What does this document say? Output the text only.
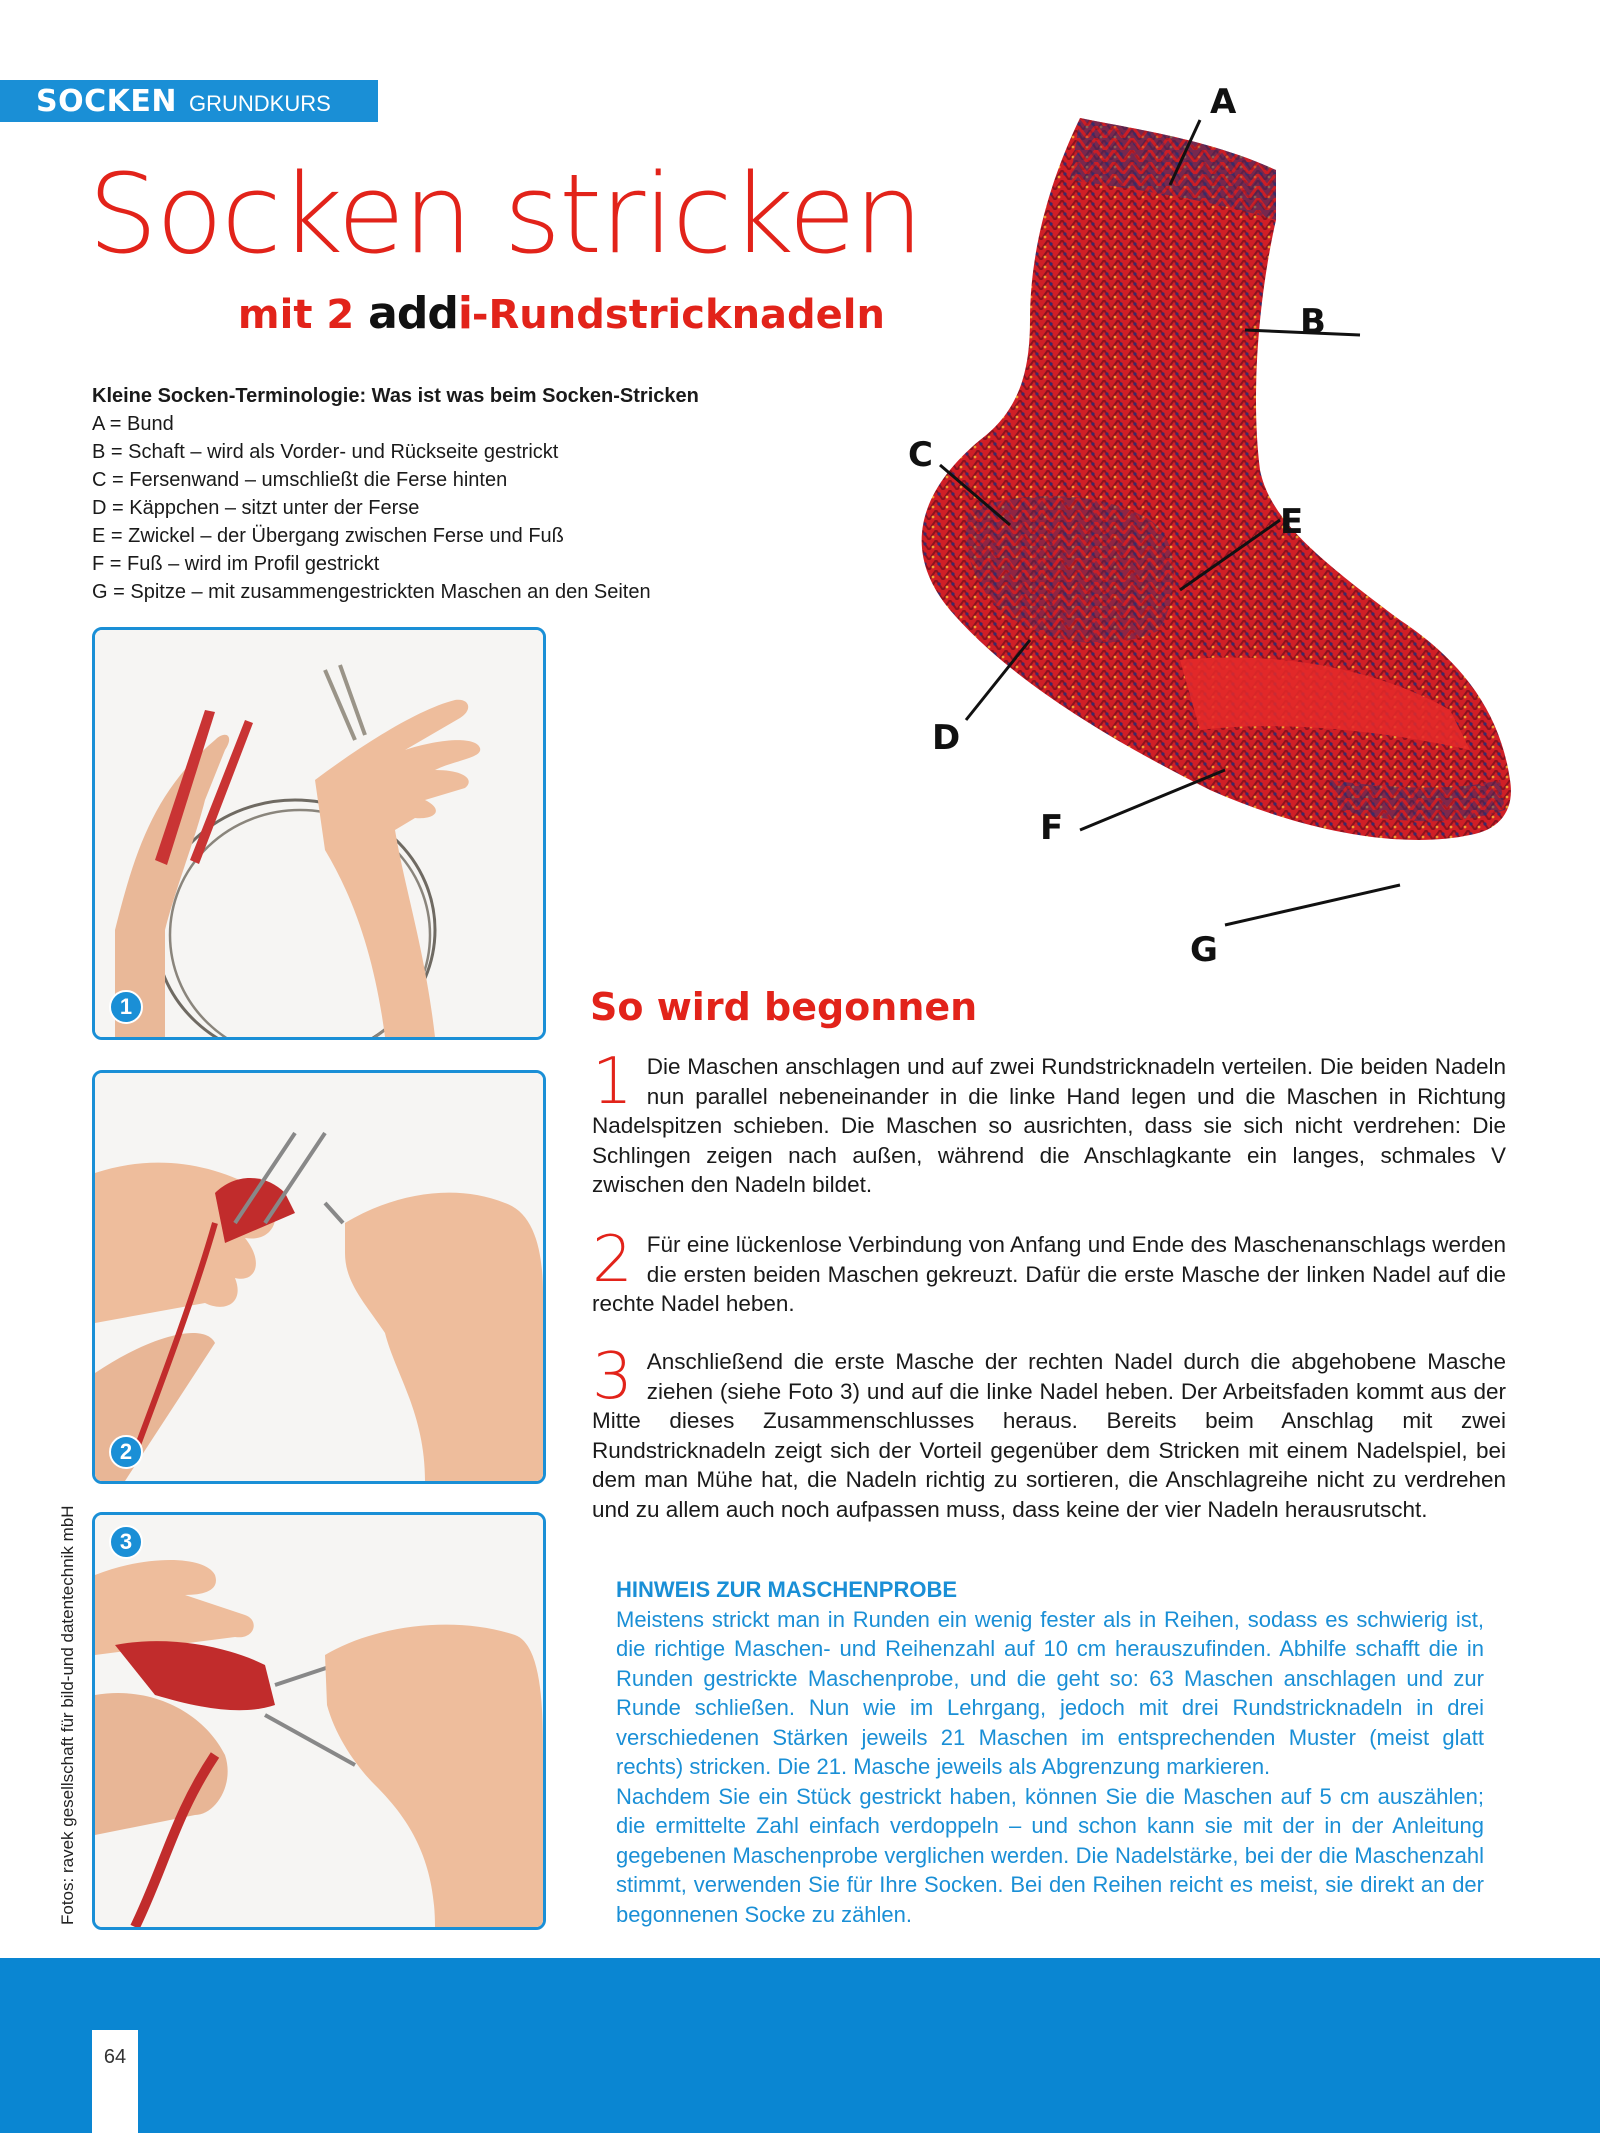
SOCKEN GRUNDKURS
Socken stricken
mit 2 addi-Rundstricknadeln
Kleine Socken-Terminologie: Was ist was beim Socken-Stricken
A = Bund
B = Schaft – wird als Vorder- und Rückseite gestrickt
C = Fersenwand – umschließt die Ferse hinten
D = Käppchen – sitzt unter der Ferse
E = Zwickel – der Übergang zwischen Ferse und Fuß
F = Fuß – wird im Profil gestrickt
G = Spitze – mit zusammengestrickten Maschen an den Seiten
1
2
3
Fotos: ravek gesellschaft für bild-und datentechnik mbH
A
B
C
E
D
F
G
So wird begonnen
1 Die Maschen anschlagen und auf zwei Rundstricknadeln verteilen. Die beiden Nadeln nun parallel nebeneinander in die linke Hand legen und die Maschen in Richtung Nadelspitzen schieben. Die Maschen so ausrichten, dass sie sich nicht verdrehen: Die Schlingen zeigen nach außen, während die Anschlagkante ein langes, schmales V zwischen den Nadeln bildet.
2 Für eine lückenlose Verbindung von Anfang und Ende des Maschenanschlags werden die ersten beiden Maschen gekreuzt. Dafür die erste Masche der linken Nadel auf die rechte Nadel heben.
3 Anschließend die erste Masche der rechten Nadel durch die abgehobene Masche ziehen (siehe Foto 3) und auf die linke Nadel heben. Der Arbeitsfaden kommt aus der Mitte dieses Zusammenschlusses heraus. Bereits beim Anschlag mit zwei Rundstricknadeln zeigt sich der Vorteil gegenüber dem Stricken mit einem Nadelspiel, bei dem man Mühe hat, die Nadeln richtig zu sortieren, die Anschlagreihe nicht zu verdrehen und zu allem auch noch aufpassen muss, dass keine der vier Nadeln herausrutscht.
HINWEIS ZUR MASCHENPROBE

Meistens strickt man in Runden ein wenig fester als in Reihen, sodass es schwierig ist, die richtige Maschen- und Reihenzahl auf 10 cm herauszufinden. Abhilfe schafft die in Runden gestrickte Maschenprobe, und die geht so: 63 Maschen anschlagen und zur Runde schließen. Nun wie im Lehrgang, jedoch mit drei Rundstricknadeln in drei verschiedenen Stärken jeweils 21 Maschen im entsprechenden Muster (meist glatt rechts) stricken. Die 21. Masche jeweils als Abgrenzung markieren.

Nachdem Sie ein Stück gestrickt haben, können Sie die Maschen auf 5 cm auszählen; die ermittelte Zahl einfach verdoppeln – und schon kann sie mit der in der Anleitung gegebenen Maschenprobe verglichen werden. Die Nadelstärke, bei der die Maschenzahl stimmt, verwenden Sie für Ihre Socken. Bei den Reihen reicht es meist, sie direkt an der begonnenen Socke zu zählen.

64
